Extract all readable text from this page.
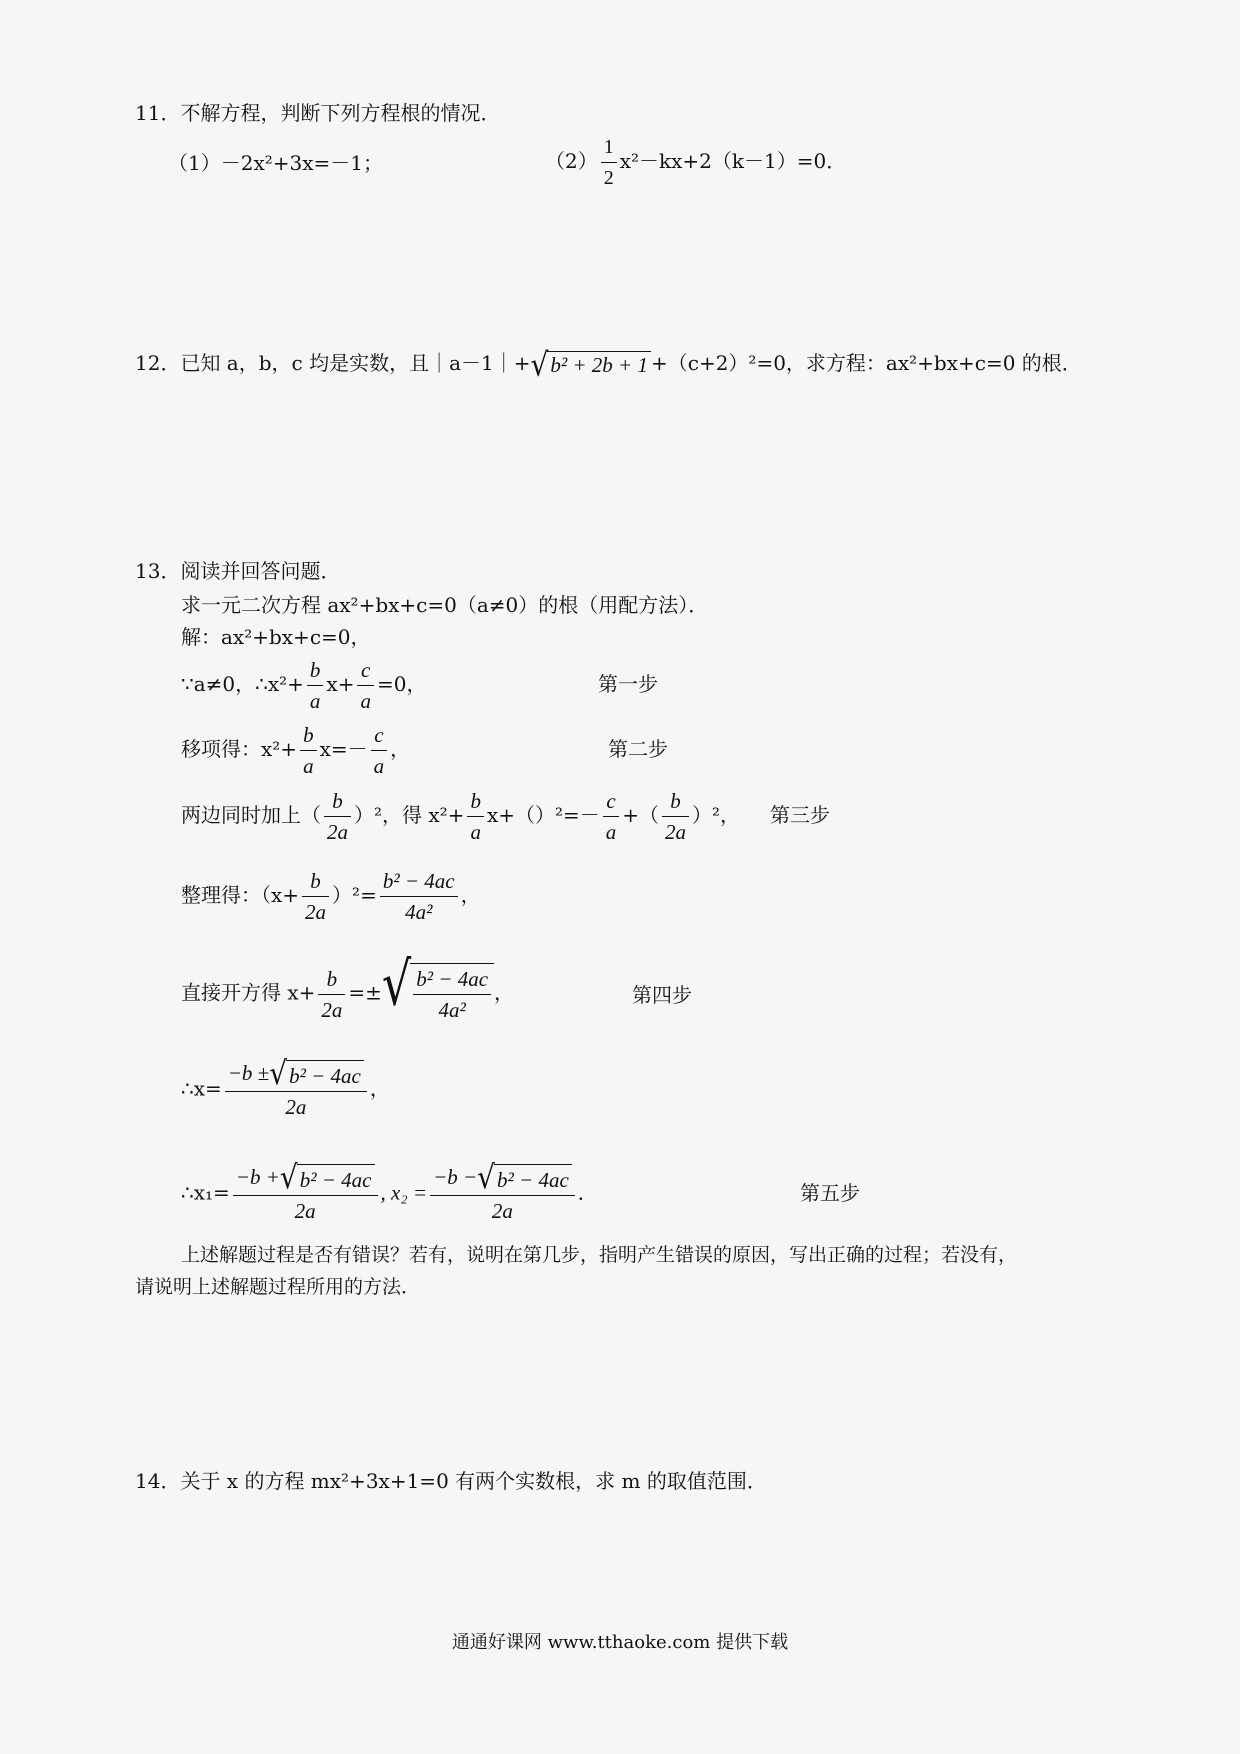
11．不解方程，判断下列方程根的情况．
（1）－2x²+3x=－1；	$(2) \frac{1}{2} x^2-kx+2(k-1)=0$．
12．已知 a，b，c 均是实数，且｜a－1｜+ √ b² + 2b + 1 +（c+2）²=0，求方程：ax²+bx+c=0 的根．
13．阅读并回答问题．
求一元二次方程 ax²+bx+c=0（a≠0）的根（用配方法）．
解：ax²+bx+c=0，
∵a≠0，∴x²+ $\frac{b}{a} x+ \frac{c}{a} =0$，	第一步
移项得：$x^2+ \frac{b}{a} x=- \frac{c}{a}$ ，	第二步
两边同时加上（ $\frac{b}{2a} )^2$，得 $x^2+ \frac{b}{a} x+()^2=- \frac{c}{a}$ +（ $\frac{b}{2a} )^2$， 第三步
整理得：$(x+ \frac{b}{2a} )^2= \frac{\text{b² − 4ac}}{\text{4a²}}$ ，
直接开方得 $x+ \frac{b}{2a}$ =± √ $\frac{\text{b² − 4ac}}{\text{4a²}}$ ，	第四步
∴x= $\frac{\text{−b ± √ b² − 4ac}}{2a}$ ，
∴x₁= $\frac{\text{−b + √ b² − 4ac}}{2a}$ , $x_2 = \frac{\text{−b − √ b² − 4ac}}{2a}$ ．	第五步
上述解题过程是否有错误？若有，说明在第几步，指明产生错误的原因，写出正确的过程；若没有，
请说明上述解题过程所用的方法．
14．关于 x 的方程 mx²+3x+1=0 有两个实数根，求 m 的取值范围．
通通好课网 www.tthaoke.com 提供下载
